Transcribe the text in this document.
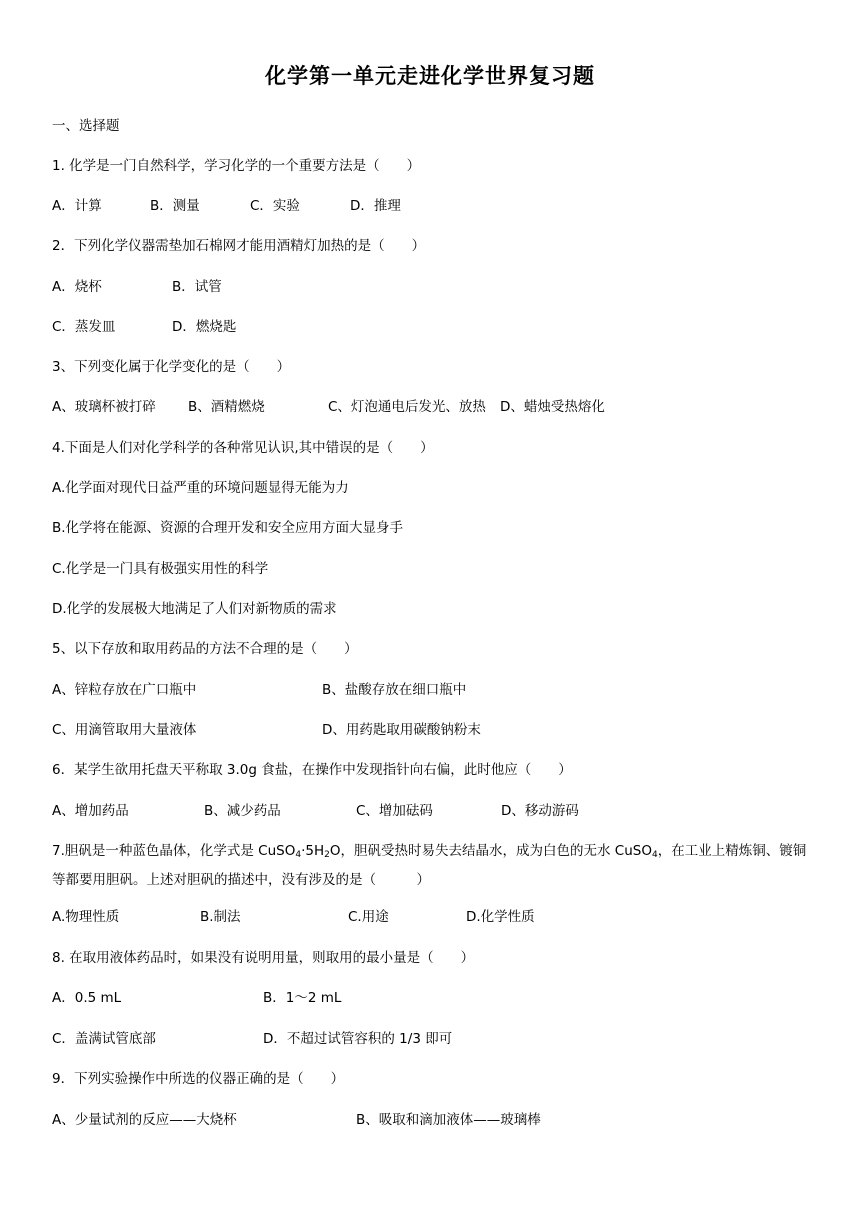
化学第一单元走进化学世界复习题
一、选择题
1. 化学是一门自然科学，学习化学的一个重要方法是（　　）
A．计算	B．测量	C．实验	D．推理
2．下列化学仪器需垫加石棉网才能用酒精灯加热的是（　　）
A．烧杯	B．试管
C．蒸发皿	D．燃烧匙
3、下列变化属于化学变化的是（　　）
A、玻璃杯被打碎 B、酒精燃烧	C、灯泡通电后发光、放热 D、蜡烛受热熔化
4.下面是人们对化学科学的各种常见认识,其中错误的是（　　）
A.化学面对现代日益严重的环境问题显得无能为力
B.化学将在能源、资源的合理开发和安全应用方面大显身手
C.化学是一门具有极强实用性的科学
D.化学的发展极大地满足了人们对新物质的需求
5、以下存放和取用药品的方法不合理的是（　　）
A、锌粒存放在广口瓶中	B、盐酸存放在细口瓶中
C、用滴管取用大量液体	D、用药匙取用碳酸钠粉末
6．某学生欲用托盘天平称取 3.0g 食盐，在操作中发现指针向右偏，此时他应（　　）
A、增加药品	B、减少药品	C、增加砝码	D、移动游码
7.胆矾是一种蓝色晶体，化学式是 $CuSO_4\cdot 5H_2O$，胆矾受热时易失去结晶水，成为白色的无水 CuSO$_4$，在工业上精炼铜、镀铜等都要用胆矾。上述对胆矾的描述中，没有涉及的是（　　　）
A.物理性质	B.制法	C.用途	D.化学性质
8. 在取用液体药品时，如果没有说明用量，则取用的最小量是（　　）
A．0.5 mL	B．1～2 mL
C．盖满试管底部	D．不超过试管容积的 1/3 即可
9．下列实验操作中所选的仪器正确的是（　　）
A、少量试剂的反应——大烧杯	B、吸取和滴加液体——玻璃棒
